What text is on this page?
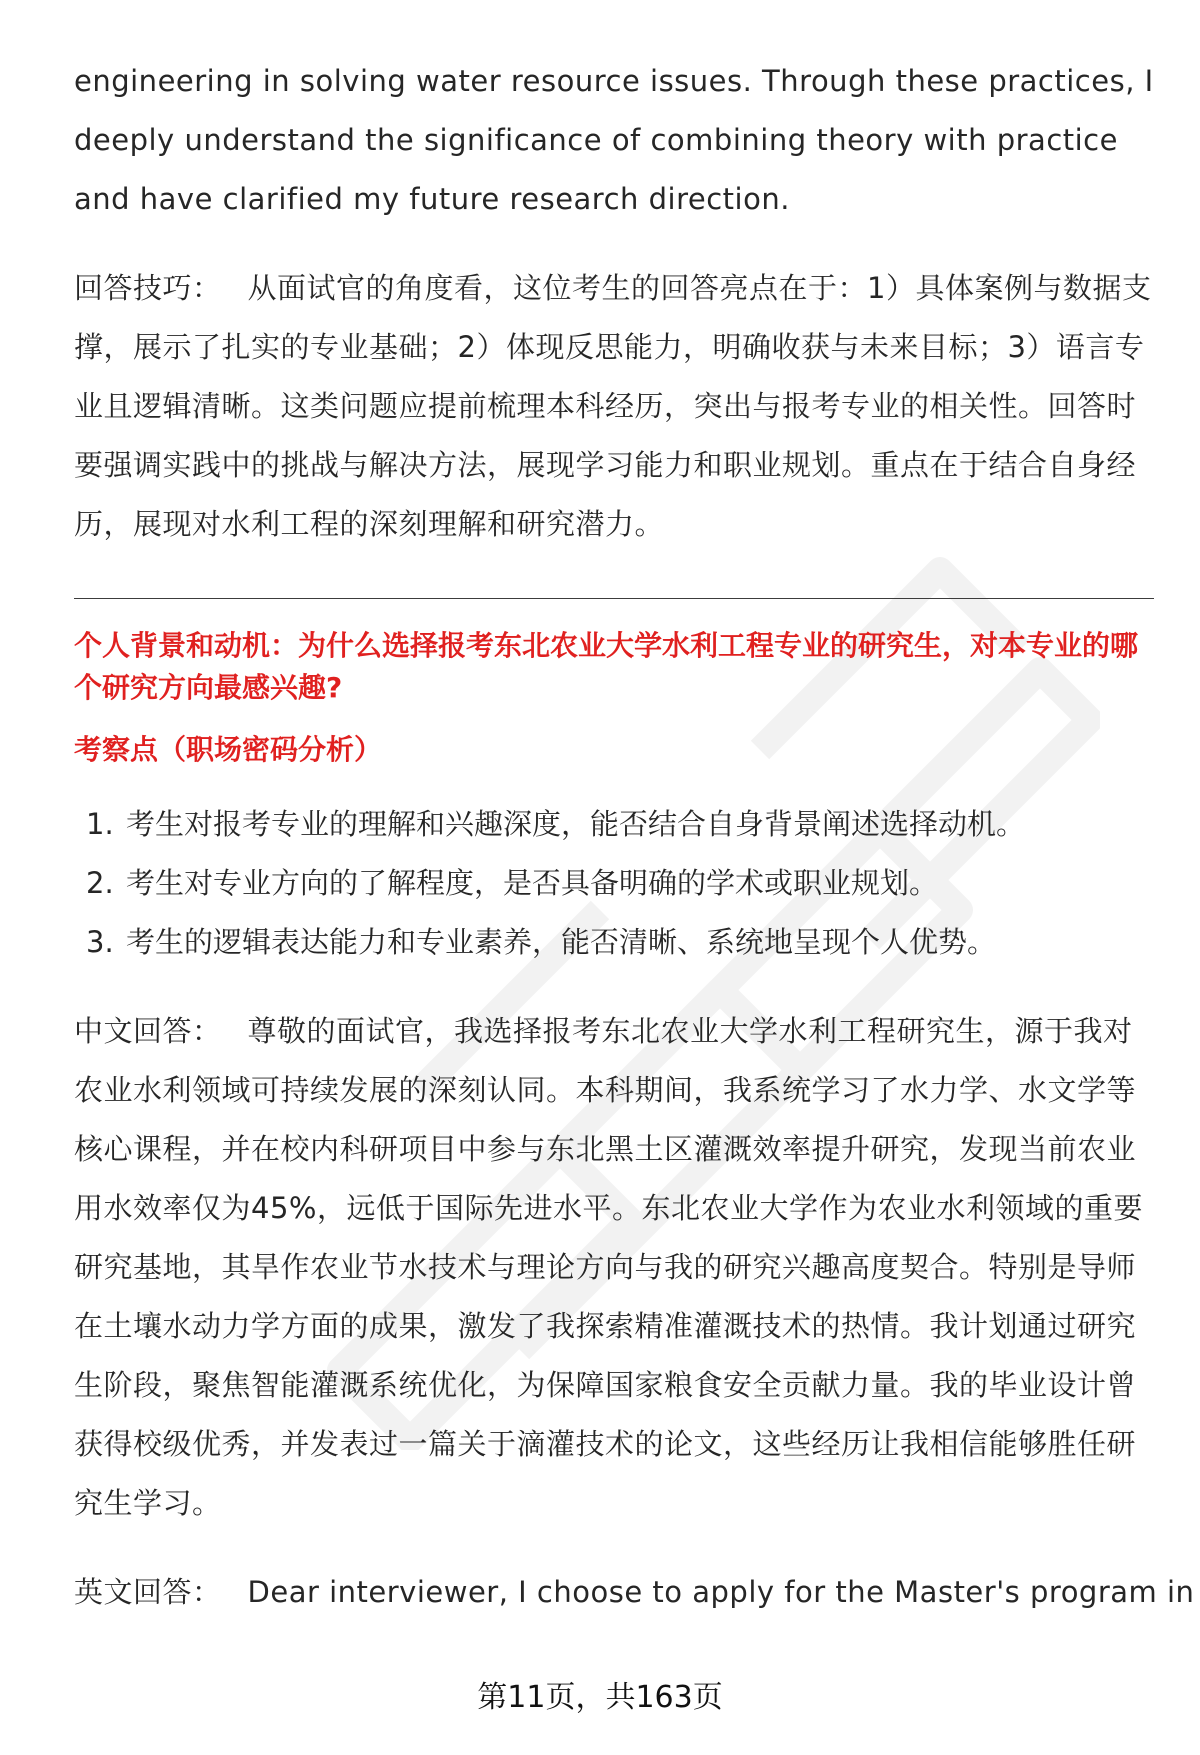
engineering in solving water resource issues. Through these practices, I deeply understand the significance of combining theory with practice and have clarified my future research direction.

回答技巧： 从面试官的角度看，这位考生的回答亮点在于：1）具体案例与数据支撑，展示了扎实的专业基础；2）体现反思能力，明确收获与未来目标；3）语言专业且逻辑清晰。这类问题应提前梳理本科经历，突出与报考专业的相关性。回答时要强调实践中的挑战与解决方法，展现学习能力和职业规划。重点在于结合自身经历，展现对水利工程的深刻理解和研究潜力。

个人背景和动机：为什么选择报考东北农业大学水利工程专业的研究生，对本专业的哪个研究方向最感兴趣?

考察点（职场密码分析）

1. 考生对报考专业的理解和兴趣深度，能否结合自身背景阐述选择动机。
2. 考生对专业方向的了解程度，是否具备明确的学术或职业规划。
3. 考生的逻辑表达能力和专业素养，能否清晰、系统地呈现个人优势。

中文回答： 尊敬的面试官，我选择报考东北农业大学水利工程研究生，源于我对农业水利领域可持续发展的深刻认同。本科期间，我系统学习了水力学、水文学等核心课程，并在校内科研项目中参与东北黑土区灌溉效率提升研究，发现当前农业用水效率仅为45%，远低于国际先进水平。东北农业大学作为农业水利领域的重要研究基地，其旱作农业节水技术与理论方向与我的研究兴趣高度契合。特别是导师在土壤水动力学方面的成果，激发了我探索精准灌溉技术的热情。我计划通过研究生阶段，聚焦智能灌溉系统优化，为保障国家粮食安全贡献力量。我的毕业设计曾获得校级优秀，并发表过一篇关于滴灌技术的论文，这些经历让我相信能够胜任研究生学习。

英文回答： Dear interviewer, I choose to apply for the Master's program in

第11页，共163页
